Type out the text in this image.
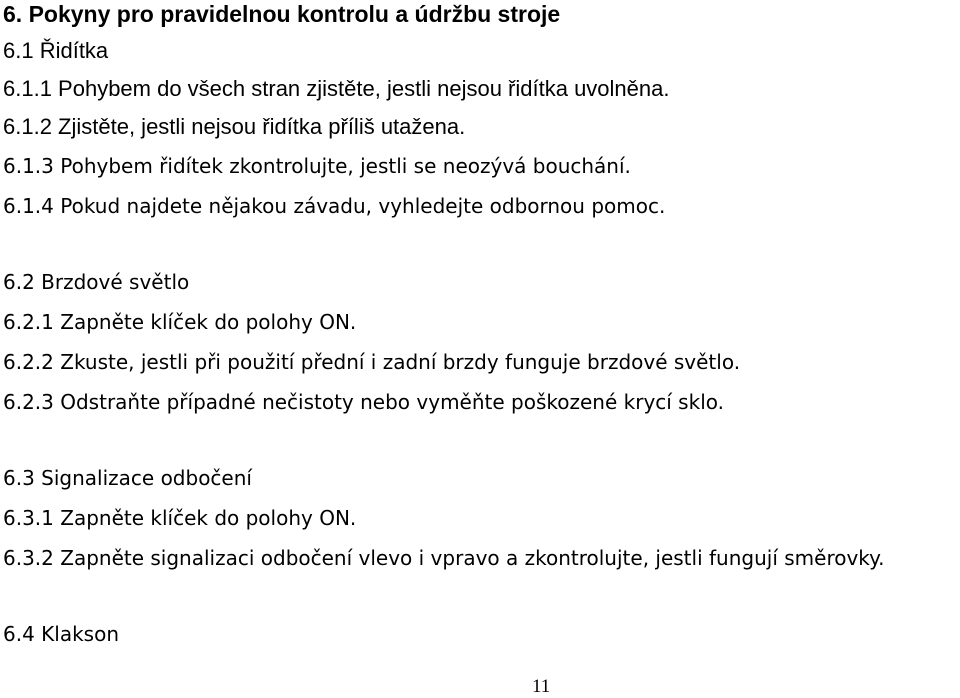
6. Pokyny pro pravidelnou kontrolu a údržbu stroje
6.1 Řidítka
6.1.1 Pohybem do všech stran zjistěte, jestli nejsou řidítka uvolněna.
6.1.2 Zjistěte, jestli nejsou řidítka příliš utažena.
6.1.3 Pohybem řidítek zkontrolujte, jestli se neozývá bouchání.
6.1.4 Pokud najdete nějakou závadu, vyhledejte odbornou pomoc.
6.2 Brzdové světlo
6.2.1 Zapněte klíček do polohy ON.
6.2.2 Zkuste, jestli při použití přední i zadní brzdy funguje brzdové světlo.
6.2.3 Odstraňte případné nečistoty nebo vyměňte poškozené krycí sklo.
6.3 Signalizace odbočení
6.3.1 Zapněte klíček do polohy ON.
6.3.2 Zapněte signalizaci odbočení vlevo i vpravo a zkontrolujte, jestli fungují směrovky.
6.4 Klakson
11
